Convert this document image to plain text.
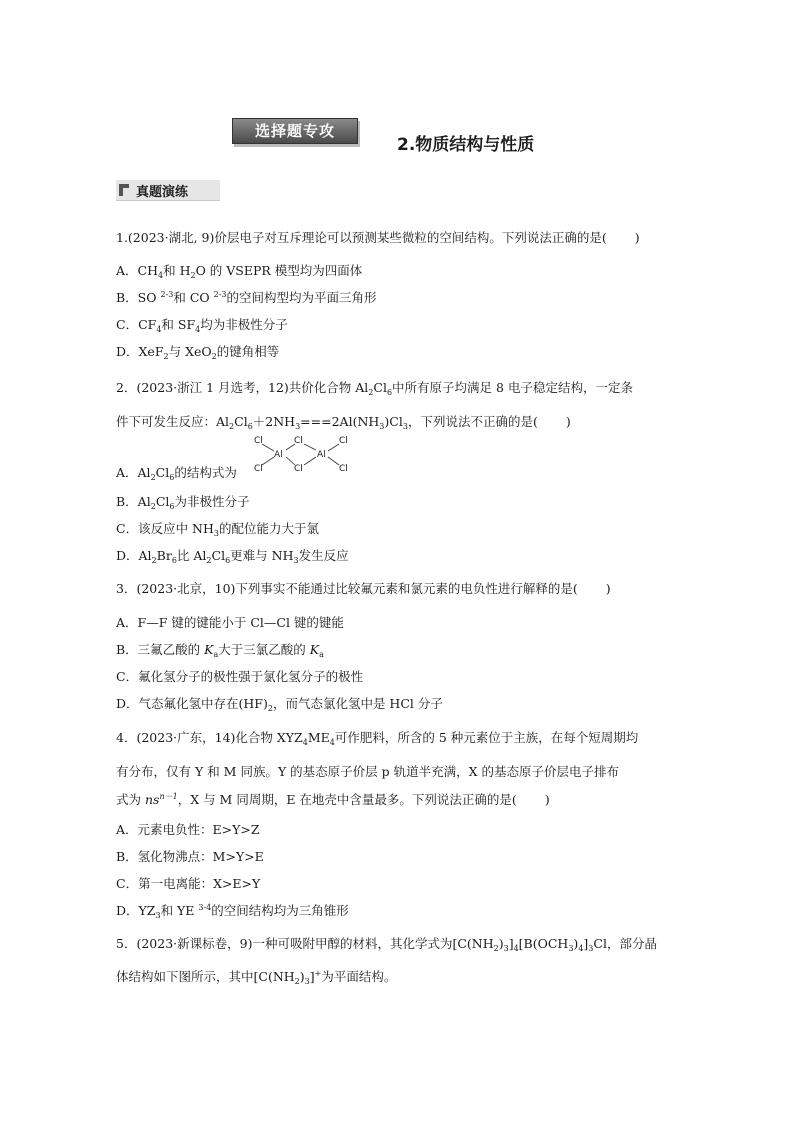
选择题专攻
2.物质结构与性质
真题演练
1.(2023·湖北, 9)价层电子对互斥理论可以预测某些微粒的空间结构。下列说法正确的是( )
A．$CH_4$和 $H_2O$ 的 VSEPR 模型均为四面体
B．SO $^{2-3}$和 CO $^{2-3}$的空间构型均为平面三角形
C．$CF_4$和 $SF_4$均为非极性分子
D．XeF$_2$与 XeO$_2$的键角相等
2．(2023·浙江 1 月选考，12)共价化合物 $Al_2Cl_6$中所有原子均满足 8 电子稳定结构，一定条
件下可发生反应：$Al_2Cl_6+2NH_3===2Al(NH_3)Cl_3$，下列说法不正确的是( )
A．$Al_2Cl_6$的结构式为
Cl
Cl
Al
Cl
Cl
Al
Cl
Cl
B．$Al_2Cl_6$为非极性分子
C．该反应中 $NH_3$的配位能力大于氯
D．$Al_2Br_6$比 $Al_2Cl_6$更难与 $NH_3$发生反应
3．(2023·北京，10)下列事实不能通过比较氟元素和氯元素的电负性进行解释的是( )
A．F—F 键的键能小于 Cl—Cl 键的键能
B．三氟乙酸的 $K_a$大于三氯乙酸的 $K_a$
C．氟化氢分子的极性强于氯化氢分子的极性
D．气态氟化氢中存在$(HF)_2$，而气态氯化氢中是 HCl 分子
4．(2023·广东，14)化合物 $XYZ_4ME_4$可作肥料，所含的 5 种元素位于主族，在每个短周期均
有分布，仅有 Y 和 M 同族。Y 的基态原子价层 p 轨道半充满，X 的基态原子价层电子排布
式为 $ns^{n-1}$，X 与 M 同周期，E 在地壳中含量最多。下列说法正确的是( )
A．元素电负性：E>Y>Z
B．氢化物沸点：M>Y>E
C．第一电离能：X>E>Y
D．$YZ_3$和 YE $^{3-4}$的空间结构均为三角锥形
5．(2023·新课标卷，9)一种可吸附甲醇的材料，其化学式为$[C(NH_2)_3]_4[B(OCH_3)_4]_3Cl$，部分晶
体结构如下图所示，其中$[C(NH_2)_3]^+$为平面结构。
